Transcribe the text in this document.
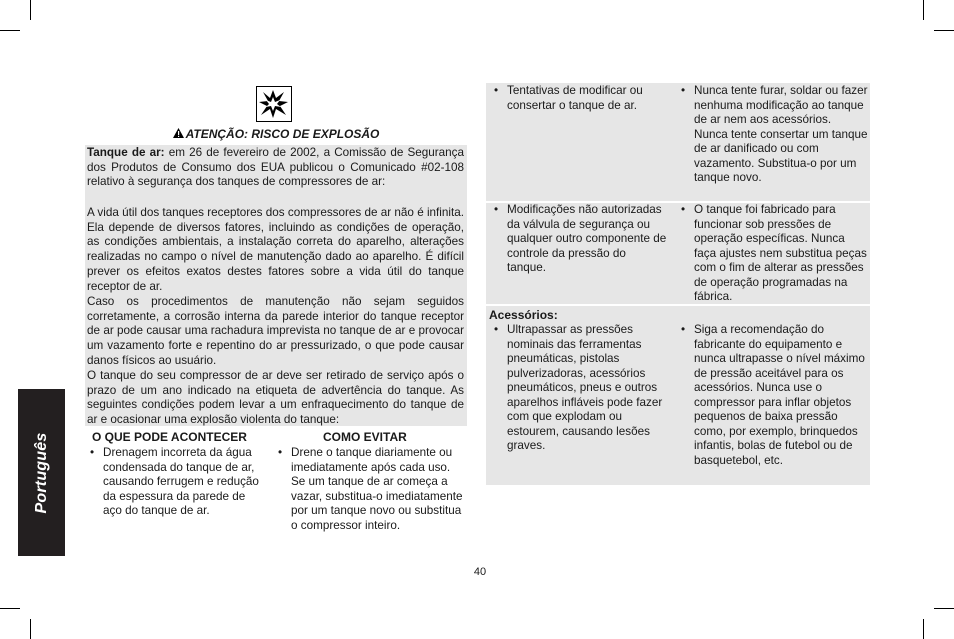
Português
ATENÇÃO: RISCO DE EXPLOSÃO

Tanque de ar: em 26 de fevereiro de 2002, a Comissão de Segurança dos Produtos de Consumo dos EUA publicou o Comunicado #02-108 relativo à segurança dos tanques de compressores de ar:

A vida útil dos tanques receptores dos compressores de ar não é infinita. Ela depende de diversos fatores, incluindo as condições de operação, as condições ambientais, a instalação correta do aparelho, alterações realizadas no campo o nível de manutenção dado ao aparelho. É difícil prever os efeitos exatos destes fatores sobre a vida útil do tanque receptor de ar.

Caso os procedimentos de manutenção não sejam seguidos corretamente, a corrosão interna da parede interior do tanque receptor de ar pode causar uma rachadura imprevista no tanque de ar e provocar um vazamento forte e repentino do ar pressurizado, o que pode causar danos físicos ao usuário.

O tanque do seu compressor de ar deve ser retirado de serviço após o prazo de um ano indicado na etiqueta de advertência do tanque. As seguintes condições podem levar a um enfraquecimento do tanque de ar e ocasionar uma explosão violenta do tanque:

O QUE PODE ACONTECER	COMO EVITAR
• Drenagem incorreta da água condensada do tanque de ar, causando ferrugem e redução da espessura da parede de aço do tanque de ar.
• Drene o tanque diariamente ou imediatamente após cada uso. Se um tanque de ar começa a vazar, substitua-o imediatamente por um tanque novo ou substitua o compressor inteiro.
• Tentativas de modificar ou consertar o tanque de ar.
• Nunca tente furar, soldar ou fazer nenhuma modificação ao tanque de ar nem aos acessórios. Nunca tente consertar um tanque de ar danificado ou com vazamento. Substitua-o por um tanque novo.
• Modificações não autorizadas da válvula de segurança ou qualquer outro componente de controle da pressão do tanque.
• O tanque foi fabricado para funcionar sob pressões de operação específicas. Nunca faça ajustes nem substitua peças com o fim de alterar as pressões de operação programadas na fábrica.
Acessórios:
• Ultrapassar as pressões nominais das ferramentas pneumáticas, pistolas pulverizadoras, acessórios pneumáticos, pneus e outros aparelhos infláveis pode fazer com que explodam ou estourem, causando lesões graves.
• Siga a recomendação do fabricante do equipamento e nunca ultrapasse o nível máximo de pressão aceitável para os acessórios. Nunca use o compressor para inflar objetos pequenos de baixa pressão como, por exemplo, brinquedos infantis, bolas de futebol ou de basquetebol, etc.
40
